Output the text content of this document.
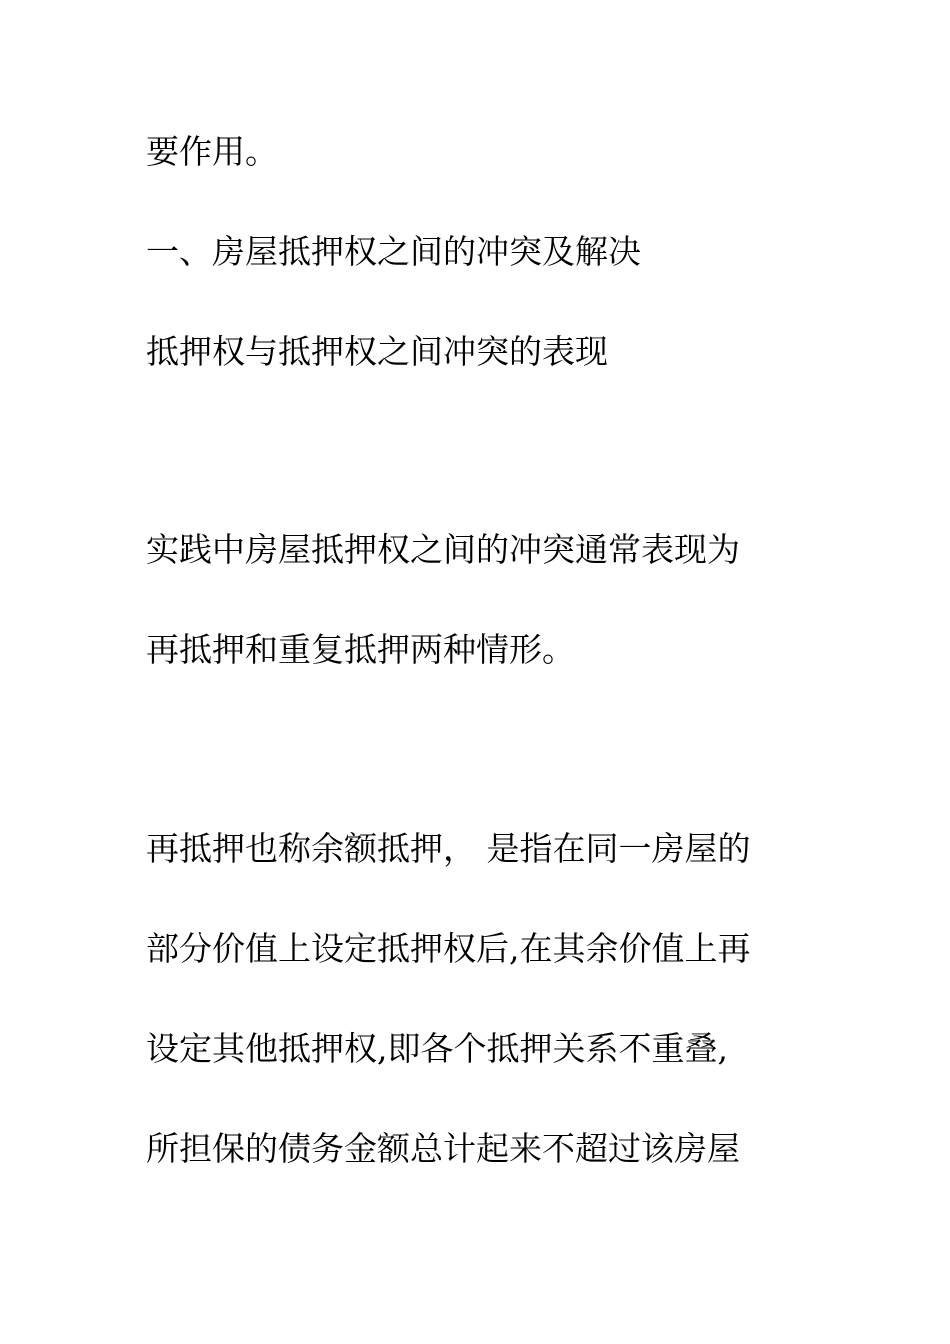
要作用。
一、房屋抵押权之间的冲突及解决
抵押权与抵押权之间冲突的表现
实践中房屋抵押权之间的冲突通常表现为
再抵押和重复抵押两种情形。
再抵押也称余额抵押， 是指在同一房屋的
部分价值上设定抵押权后,在其余价值上再
设定其他抵押权,即各个抵押关系不重叠,
所担保的债务金额总计起来不超过该房屋
